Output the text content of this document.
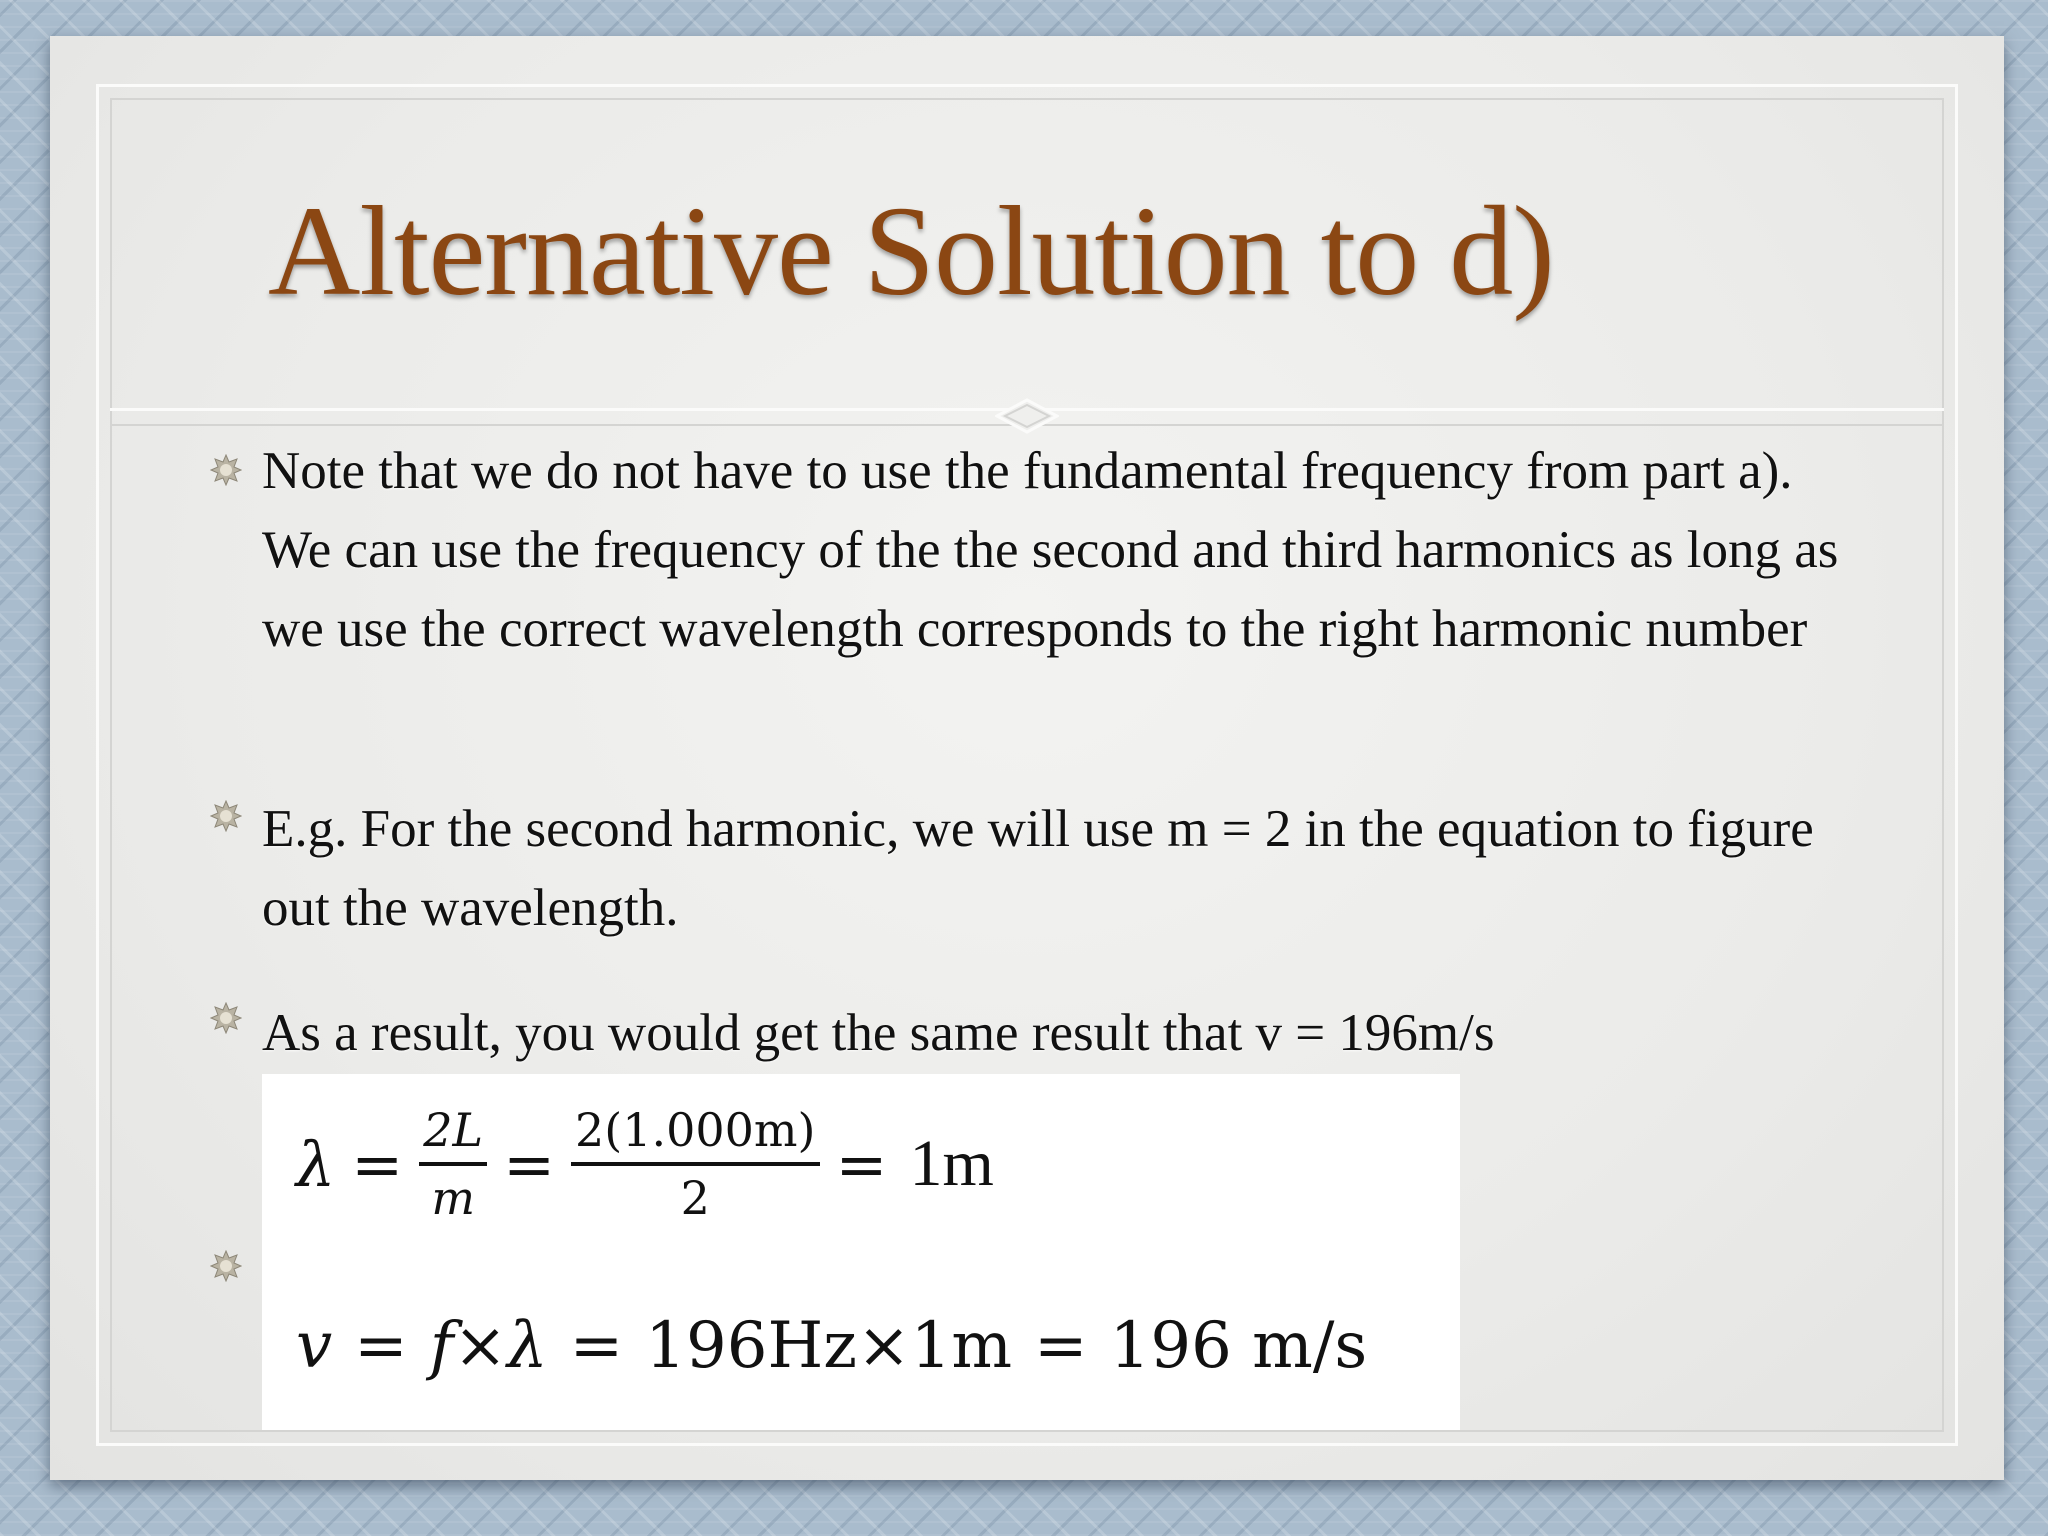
Alternative Solution to d)
Note that we do not have to use the fundamental frequency from part a). We can use the frequency of the the second and third harmonics as long as we use the correct wavelength corresponds to the right harmonic number
E.g. For the second harmonic, we will use m = 2 in the equation to figure out the wavelength.
As a result, you would get the same result that v = 196m/s
$\lambda = \frac{2L}{m} = \frac{2(1.000m)}{2} = 1m$
v = f×λ = 196Hz×1m = 196 m/s
